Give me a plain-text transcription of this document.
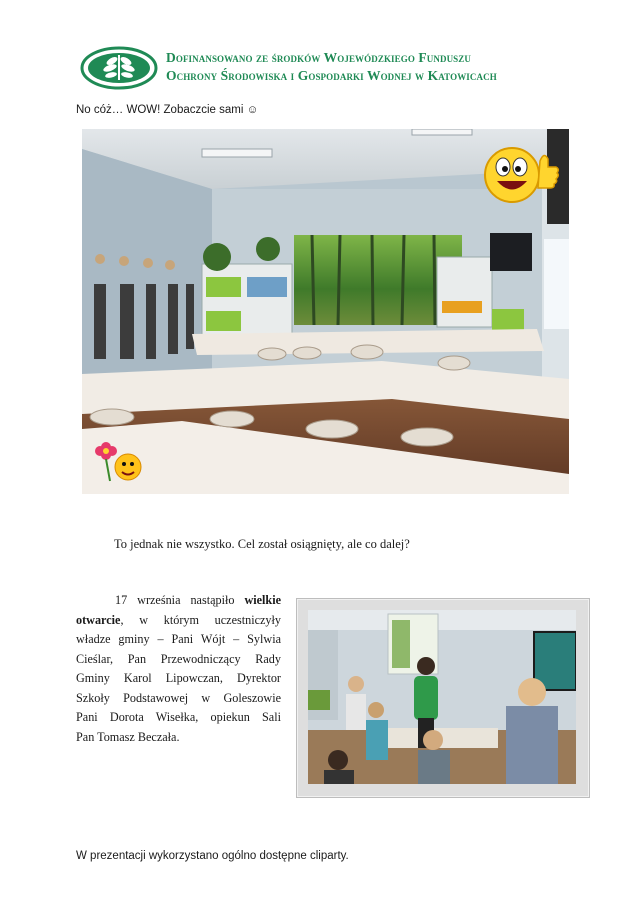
Dofinansowano ze środków Wojewódzkiego Funduszu
Ochrony Środowiska i Gospodarki Wodnej w Katowicach
No cóż… WOW! Zobaczcie sami ☺
To jednak nie wszystko. Cel został osiągnięty, ale co dalej?
17 września nastąpiło wielkie
otwarcie, w którym uczestniczyły
władze gminy – Pani Wójt – Sylwia
Cieślar, Pan Przewodniczący Rady
Gminy Karol Lipowczan, Dyrektor
Szkoły Podstawowej w Goleszowie
Pani Dorota Wisełka, opiekun Sali
Pan Tomasz Beczała.
W prezentacji wykorzystano ogólno dostępne cliparty.
